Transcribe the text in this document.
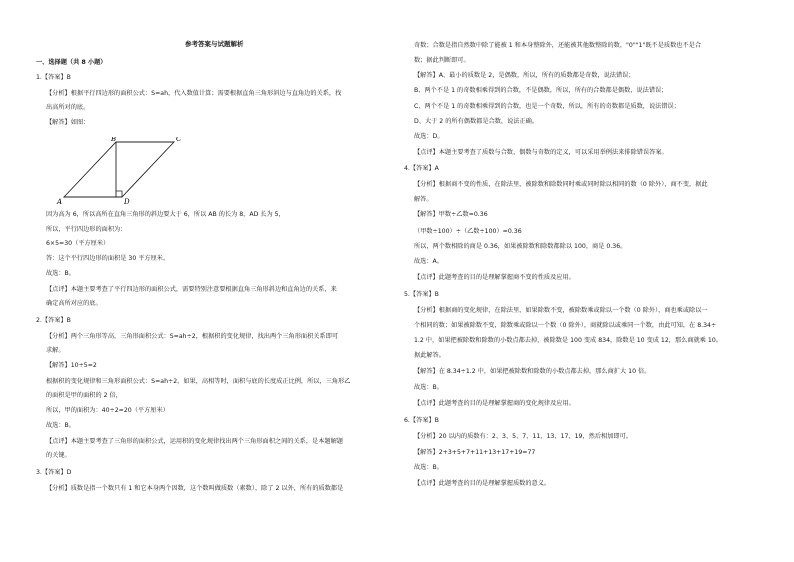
参考答案与试题解析
B	C
A	D
一、选择题（共 8 小题）
1.【答案】B
【分析】根据平行四边形的面积公式：S=ah，代入数值计算；需要根据直角三角形斜边与直角边的关系，找
出高所对的底。
【解答】如图：
因为高为 6，所以高所在直角三角形的斜边要大于 6，所以 AB 的长为 8，AD 长为 5，
所以，平行四边形的面积为：
6×5=30（平方厘米）
答：这个平行四边形的面积是 30 平方厘米。
故选：B。
【点评】本题主要考查了平行四边形的面积公式，需要特别注意要根据直角三角形斜边和直角边的关系，来
确定高所对应的底。
2.【答案】B
【分析】两个三角形等高，三角形面积公式：S=ah÷2，根据积的变化规律，找出两个三角形面积关系即可
求解。
【解答】10÷5=2
根据积的变化规律和三角形面积公式：S=ah÷2，如果，高相等时，面积与底的长度成正比例，所以，三角形乙
的面积是甲的面积的 2 倍，
所以，甲的面积为：40÷2=20（平方厘米）
故选：B。
【点评】本题主要考查了三角形的面积公式，运用积的变化规律找出两个三角形面积之间的关系，是本题解题
的关键。
3.【答案】D
【分析】质数是指一个数只有 1 和它本身两个因数，这个数叫做质数（素数），除了 2 以外，所有的质数都是
奇数；合数是指自然数中除了能被 1 和本身整除外，还能被其他数整除的数，"0""1"既不是质数也不是合
数；据此判断即可。
【解答】A、最小的质数是 2，是偶数，所以，所有的质数都是奇数，说法错误；
B、两个不是 1 的奇数相乘得到的合数，不是偶数，所以，所有的合数都是偶数，说法错误；
C、两个不是 1 的奇数相乘得到的合数，也是一个奇数，所以，所有的奇数都是质数，说法错误；
D、大于 2 的所有偶数都是合数，说法正确。
故选：D。
【点评】本题主要考查了质数与合数、偶数与奇数的定义，可以采用举例法来排除错误答案。
4.【答案】A
【分析】根据商不变的性质，在除法里，被除数和除数同时乘或同时除以相同的数（0 除外），商不变，据此
解答。
【解答】甲数÷乙数=0.36
（甲数÷100）÷（乙数÷100）=0.36
所以，两个数相除的商是 0.36，如果被除数和除数都除以 100，商是 0.36。
故选：A。
【点评】此题考查的目的是理解掌握商不变的性质及应用。
5.【答案】B
【分析】根据商的变化规律，在除法里，如果除数不变，被除数乘或除以一个数（0 除外），商也乘或除以一
个相同的数；如果被除数不变，除数乘或除以一个数（0 除外），商就除以或乘同一个数，由此可知，在 8.34÷
1.2 中，如果把被除数和除数的小数点都去掉，被除数是 100 变成 834，除数是 10 变成 12，那么商就乘 10。
据此解答。
【解答】在 8.34÷1.2 中，如果把被除数和除数的小数点都去掉，那么商扩大 10 倍。
故选：B。
【点评】此题考查的目的是理解掌握商的变化规律及应用。
6.【答案】B
【分析】20 以内的质数有：2、3、5、7、11、13、17、19，然后相加即可。
【解答】2+3+5+7+11+13+17+19=77
故选：B。
【点评】此题考查的目的是理解掌握质数的意义。
